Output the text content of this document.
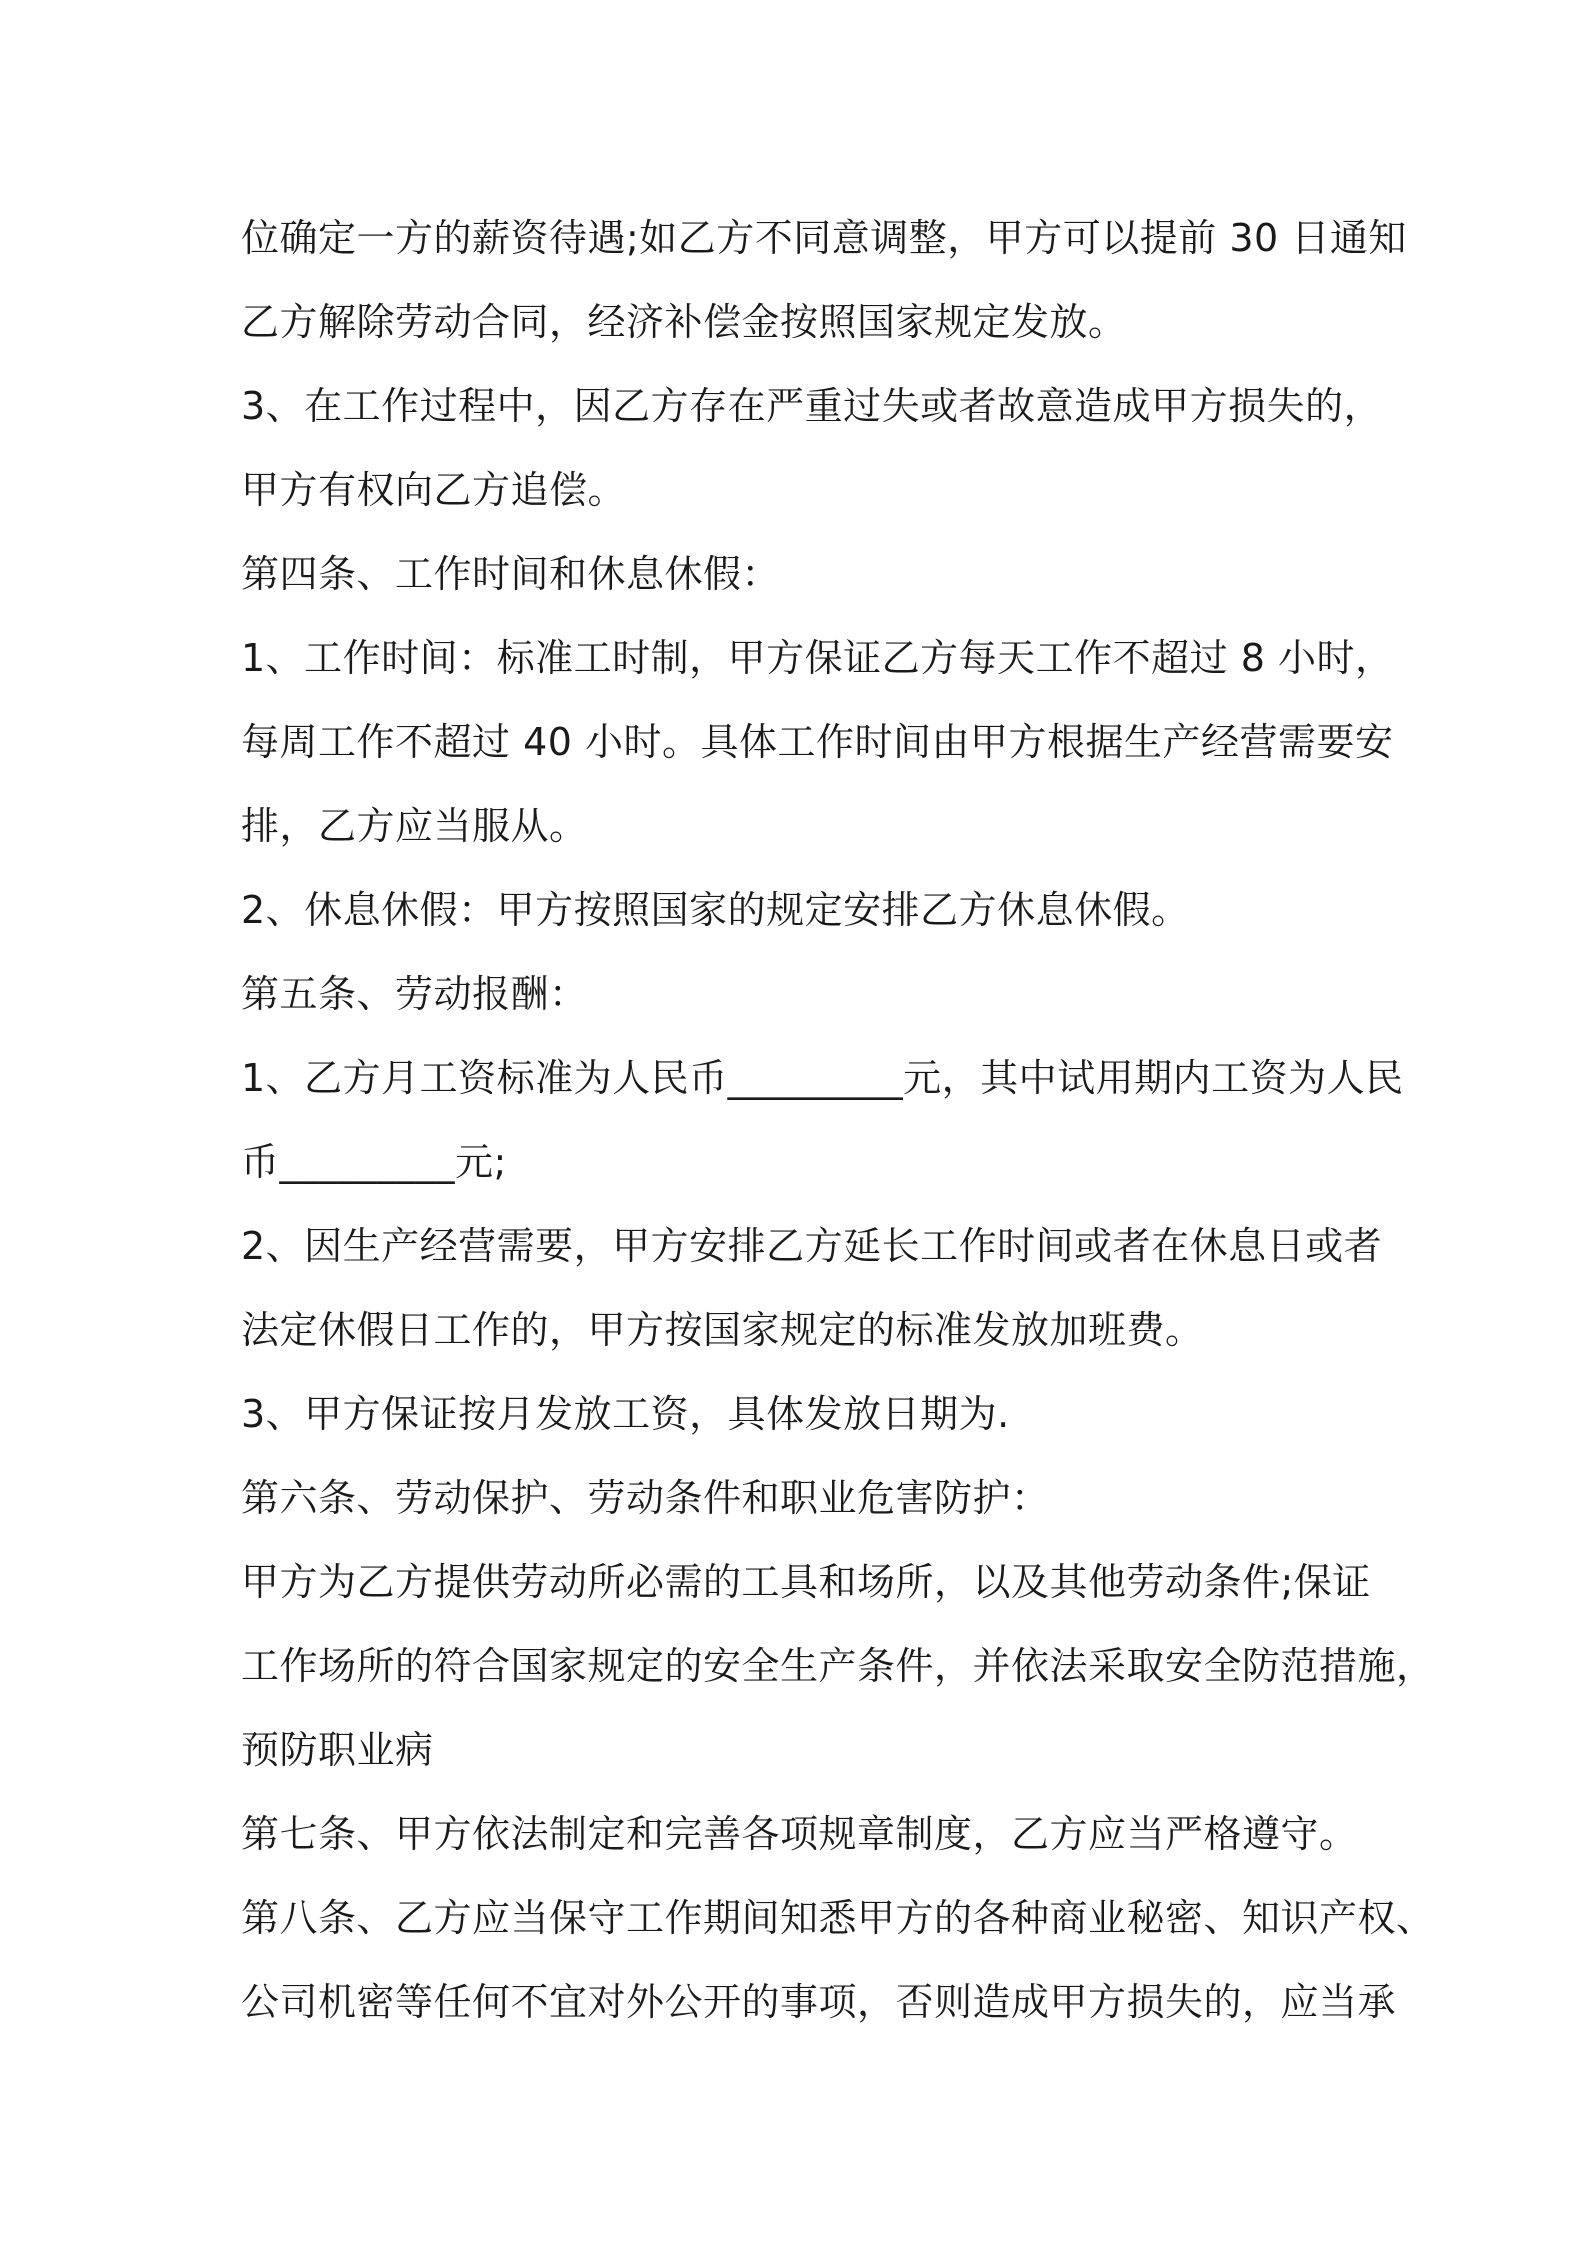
位确定一方的薪资待遇;如乙方不同意调整，甲方可以提前 30 日通知
乙方解除劳动合同，经济补偿金按照国家规定发放。
3、在工作过程中，因乙方存在严重过失或者故意造成甲方损失的，
甲方有权向乙方追偿。
第四条、工作时间和休息休假：
1、工作时间：标准工时制，甲方保证乙方每天工作不超过 8 小时，
每周工作不超过 40 小时。具体工作时间由甲方根据生产经营需要安
排，乙方应当服从。
2、休息休假：甲方按照国家的规定安排乙方休息休假。
第五条、劳动报酬：
1、乙方月工资标准为人民币_________元，其中试用期内工资为人民
币_________元;
2、因生产经营需要，甲方安排乙方延长工作时间或者在休息日或者
法定休假日工作的，甲方按国家规定的标准发放加班费。
3、甲方保证按月发放工资，具体发放日期为.
第六条、劳动保护、劳动条件和职业危害防护：
甲方为乙方提供劳动所必需的工具和场所，以及其他劳动条件;保证
工作场所的符合国家规定的安全生产条件，并依法采取安全防范措施，
预防职业病
第七条、甲方依法制定和完善各项规章制度，乙方应当严格遵守。
第八条、乙方应当保守工作期间知悉甲方的各种商业秘密、知识产权、
公司机密等任何不宜对外公开的事项，否则造成甲方损失的，应当承
